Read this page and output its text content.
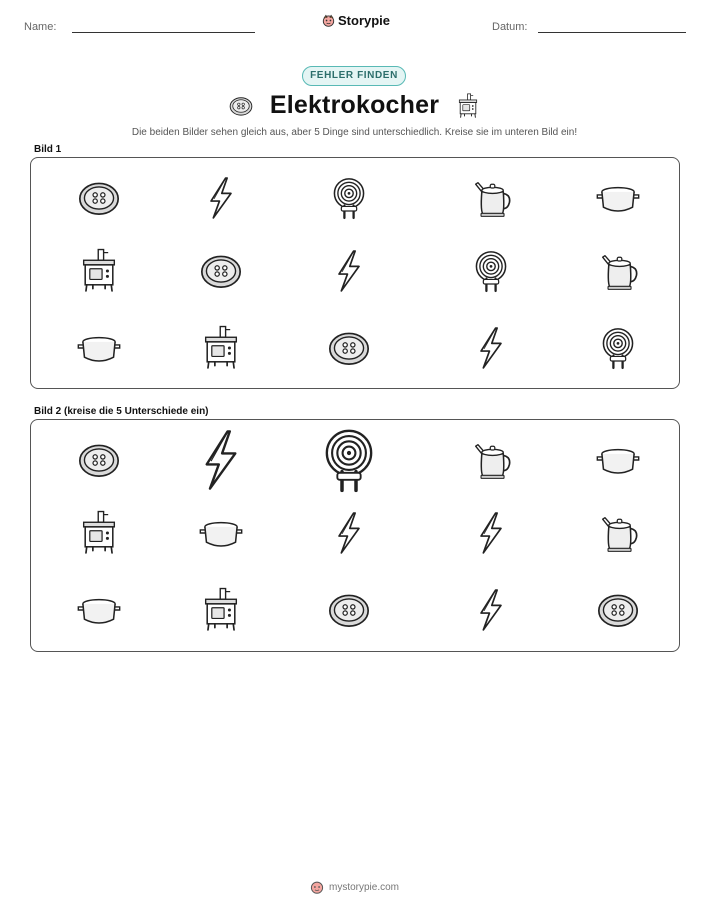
Name:	Storypie	Datum:
FEHLER FINDEN
Elektrokocher
Die beiden Bilder sehen gleich aus, aber 5 Dinge sind unterschiedlich. Kreise sie im unteren Bild ein!
Bild 1
Bild 2 (kreise die 5 Unterschiede ein)
mystorypie.com
